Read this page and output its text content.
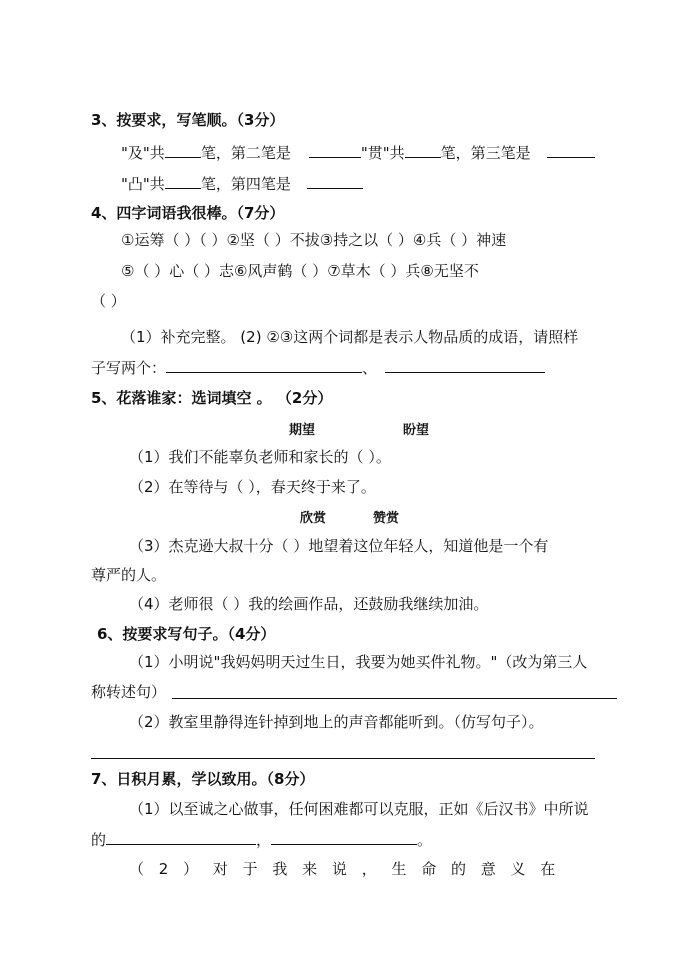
3、按要求，写笔顺。（3分）
"及"共 笔，第二笔是	"贯"共 笔，第三笔是
"凸"共 笔，第四笔是
4、四字词语我很棒。（7分）
①运筹（ ）（ ）②坚（ ）不拔③持之以（ ）④兵（ ）神速
⑤（ ）心（ ）志⑥风声鹤（ ）⑦草木（ ）兵⑧无坚不
（ ）
（1）补充完整。 (2) ②③这两个词都是表示人物品质的成语，请照样
子写两个：	、
5、花落谁家：选词填空 。 （2分）
期望	盼望
（1）我们不能辜负老师和家长的（ ）。
（2）在等待与（ ），春天终于来了。
欣赏	赞赏
（3）杰克逊大叔十分（ ）地望着这位年轻人，知道他是一个有
尊严的人。
（4）老师很（ ）我的绘画作品，还鼓励我继续加油。
6、按要求写句子。（4分）
（1）小明说"我妈妈明天过生日，我要为她买件礼物。"（改为第三人
称转述句）
（2）教室里静得连针掉到地上的声音都能听到。（仿写句子）。
7、日积月累，学以致用。（8分）
（1）以至诚之心做事，任何困难都可以克服，正如《后汉书》中所说
的	，	。
（ 2 ） 对 于 我 来 说 ， 生 命 的 意 义 在
